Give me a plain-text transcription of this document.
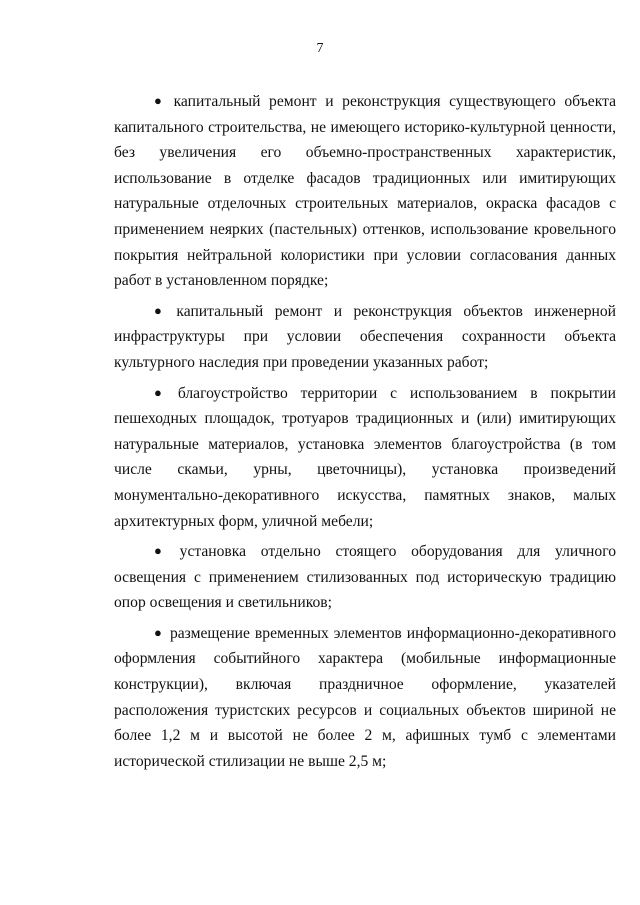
7

● капитальный ремонт и реконструкция существующего объекта капитального строительства, не имеющего историко-культурной ценности, без увеличения его объемно-пространственных характеристик, использование в отделке фасадов традиционных или имитирующих натуральные отделочных строительных материалов, окраска фасадов с применением неярких (пастельных) оттенков, использование кровельного покрытия нейтральной колористики при условии согласования данных работ в установленном порядке;

● капитальный ремонт и реконструкция объектов инженерной инфраструктуры при условии обеспечения сохранности объекта культурного наследия при проведении указанных работ;

● благоустройство территории с использованием в покрытии пешеходных площадок, тротуаров традиционных и (или) имитирующих натуральные материалов, установка элементов благоустройства (в том числе скамьи, урны, цветочницы), установка произведений монументально-декоративного искусства, памятных знаков, малых архитектурных форм, уличной мебели;

● установка отдельно стоящего оборудования для уличного освещения с применением стилизованных под историческую традицию опор освещения и светильников;

● размещение временных элементов информационно-декоративного оформления событийного характера (мобильные информационные конструкции), включая праздничное оформление, указателей расположения туристских ресурсов и социальных объектов шириной не более 1,2 м и высотой не более 2 м, афишных тумб с элементами исторической стилизации не выше 2,5 м;
